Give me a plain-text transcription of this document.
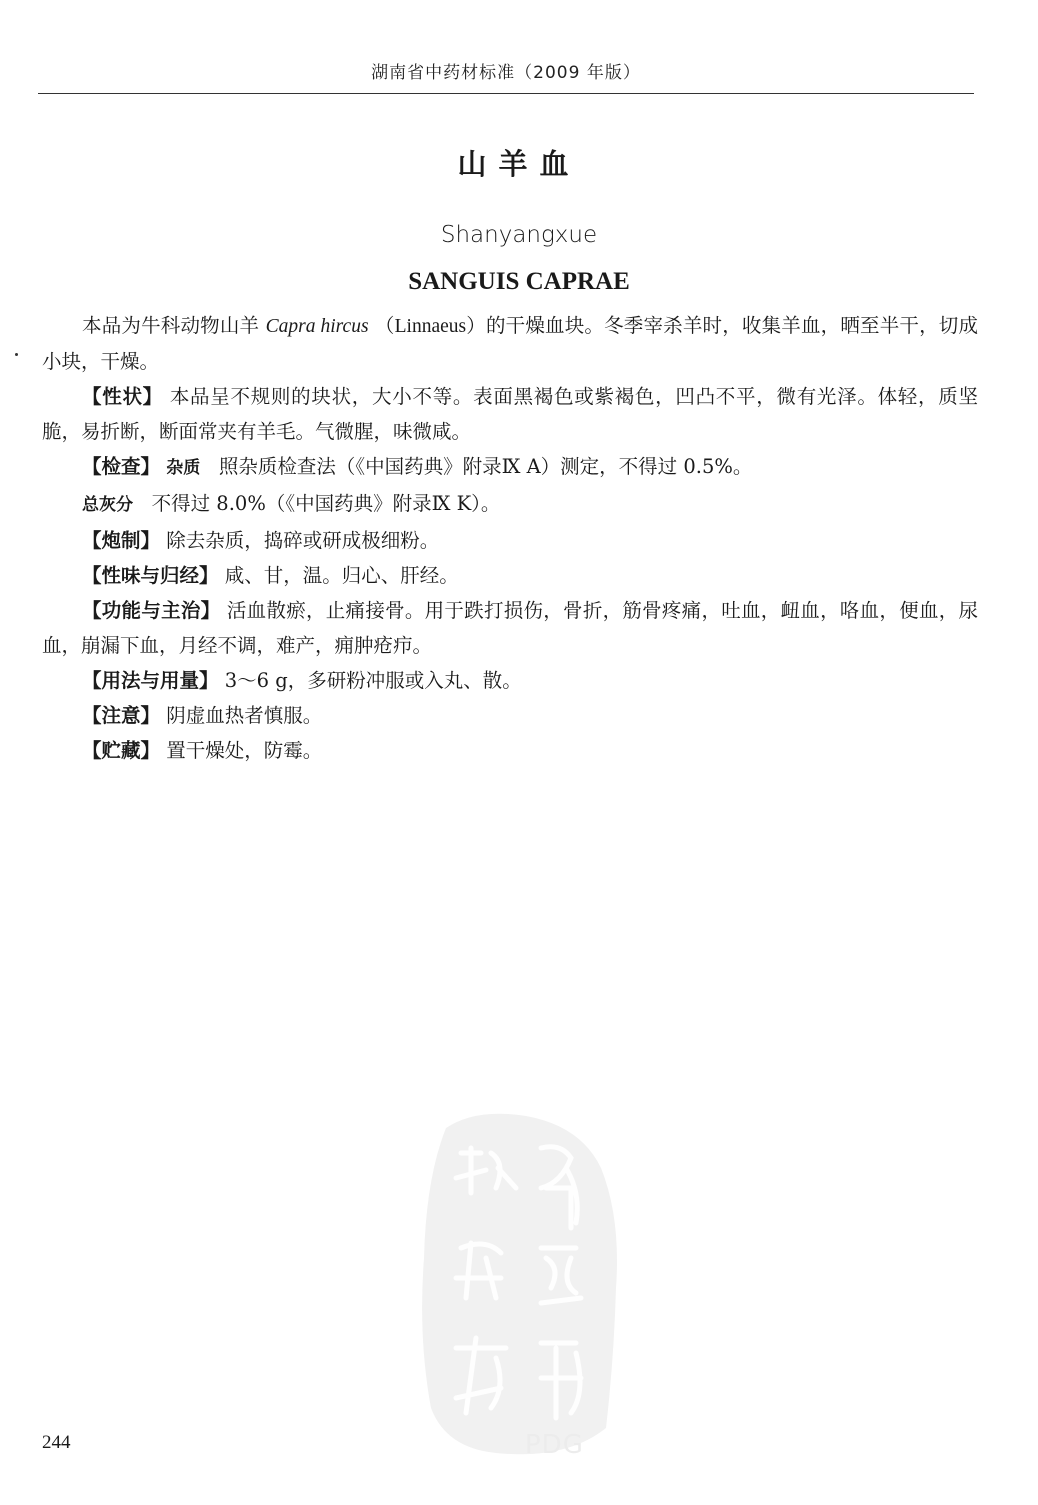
湖南省中药材标准（2009 年版）
山羊血
Shanyangxue
SANGUIS CAPRAE

本品为牛科动物山羊 Capra hircus （Linnaeus）的干燥血块。冬季宰杀羊时，收集羊血，晒至半干，切成小块，干燥。

【性状】 本品呈不规则的块状，大小不等。表面黑褐色或紫褐色，凹凸不平，微有光泽。体轻，质坚脆，易折断，断面常夹有羊毛。气微腥，味微咸。

【检查】 杂质 照杂质检查法（《中国药典》附录Ⅸ A）测定，不得过 0.5%。

总灰分 不得过 8.0%（《中国药典》附录Ⅸ K）。

【炮制】 除去杂质，捣碎或研成极细粉。

【性味与归经】 咸、甘，温。归心、肝经。

【功能与主治】 活血散瘀，止痛接骨。用于跌打损伤，骨折，筋骨疼痛，吐血，衄血，咯血，便血，尿血，崩漏下血，月经不调，难产，痈肿疮疖。

【用法与用量】 3～6 g，多研粉冲服或入丸、散。

【注意】 阴虚血热者慎服。

【贮藏】 置干燥处，防霉。

PDG
244
